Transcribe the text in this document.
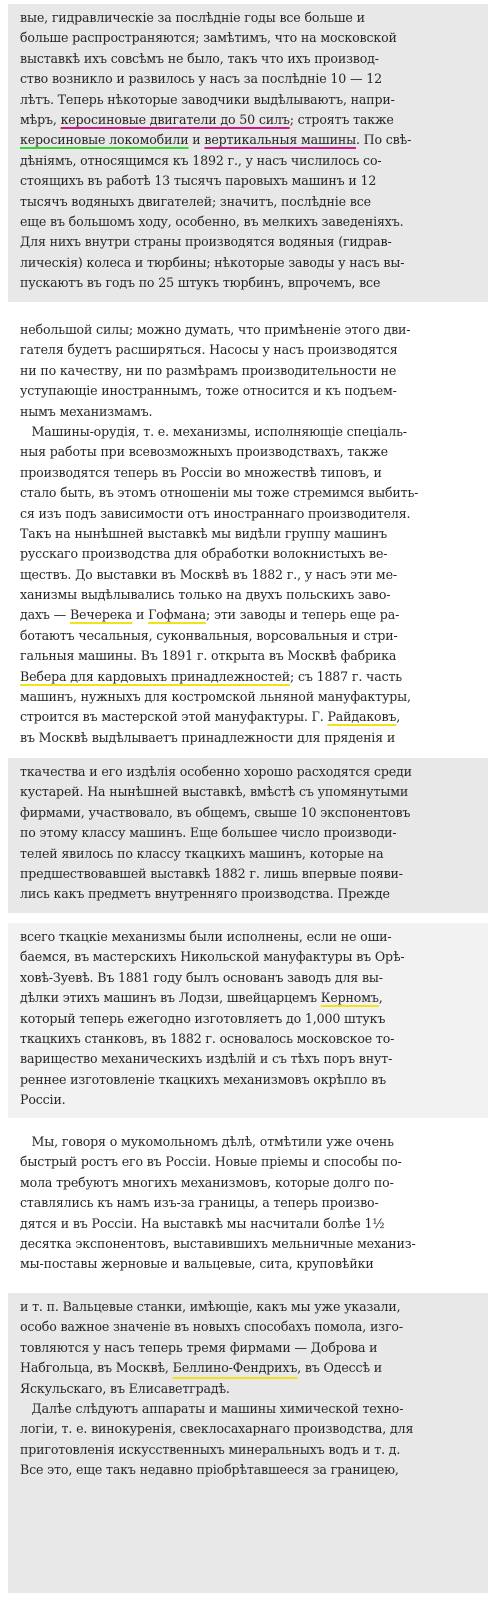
вые, гидравлическіе за послѣдніе годы все больше и
больше распространяются; замѣтимъ, что на московской
выставкѣ ихъ совсѣмъ не было, такъ что ихъ производ-
ство возникло и развилось у насъ за послѣдніе 10 — 12
лѣтъ. Теперь нѣкоторые заводчики выдѣлываютъ, напри-
мѣръ, керосиновые двигатели до 50 силъ; строятъ также
керосиновые локомобили и вертикальныя машины. По свѣ-
дѣніямъ, относящимся къ 1892 г., у насъ числилось со-
стоящихъ въ работѣ 13 тысячъ паровыхъ машинъ и 12
тысячъ водяныхъ двигателей; значитъ, послѣдніе все
еще въ большомъ ходу, особенно, въ мелкихъ заведеніяхъ.
Для нихъ внутри страны производятся водяныя (гидрав-
лическія) колеса и тюрбины; нѣкоторые заводы у насъ вы-
пускаютъ въ годъ по 25 штукъ тюрбинъ, впрочемъ, все
небольшой силы; можно думать, что примѣненіе этого дви-
гателя будетъ расширяться. Насосы у насъ производятся
ни по качеству, ни по размѣрамъ производительности не
уступающіе иностраннымъ, тоже относится и къ подъем-
нымъ механизмамъ.
Машины-орудія, т. е. механизмы, исполняющіе спеціаль-
ныя работы при всевозможныхъ производствахъ, также
производятся теперь въ Россіи во множествѣ типовъ, и
стало быть, въ этомъ отношеніи мы тоже стремимся выбить-
ся изъ подъ зависимости отъ иностраннаго производителя.
Такъ на нынѣшней выставкѣ мы видѣли группу машинъ
русскаго производства для обработки волокнистыхъ ве-
ществъ. До выставки въ Москвѣ въ 1882 г., у насъ эти ме-
ханизмы выдѣлывались только на двухъ польскихъ заво-
дахъ — Вечерека и Гофмана; эти заводы и теперь еще ра-
ботаютъ чесальныя, суконвальныя, ворсовальныя и стри-
гальныя машины. Въ 1891 г. открыта въ Москвѣ фабрика
Вебера для кардовыхъ принадлежностей; съ 1887 г. часть
машинъ, нужныхъ для костромской льняной мануфактуры,
строится въ мастерской этой мануфактуры. Г. Райдаковъ,
въ Москвѣ выдѣлываетъ принадлежности для пряденія и
ткачества и его издѣлія особенно хорошо расходятся среди
кустарей. На нынѣшней выставкѣ, вмѣстѣ съ упомянутыми
фирмами, участвовало, въ общемъ, свыше 10 экспонентовъ
по этому классу машинъ. Еще большее число производи-
телей явилось по классу ткацкихъ машинъ, которые на
предшествовавшей выставкѣ 1882 г. лишь впервые появи-
лись какъ предметъ внутренняго производства. Прежде
всего ткацкіе механизмы были исполнены, если не оши-
баемся, въ мастерскихъ Никольской мануфактуры въ Орѣ-
ховѣ-Зуевѣ. Въ 1881 году былъ основанъ заводъ для вы-
дѣлки этихъ машинъ въ Лодзи, швейцарцемъ Керномъ,
который теперь ежегодно изготовляетъ до 1,000 штукъ
ткацкихъ станковъ, въ 1882 г. основалось московское то-
варищество механическихъ издѣлій и съ тѣхъ поръ внут-
реннее изготовленіе ткацкихъ механизмовъ окрѣпло въ
Россіи.
Мы, говоря о мукомольномъ дѣлѣ, отмѣтили уже очень
быстрый ростъ его въ Россіи. Новые пріемы и способы по-
мола требуютъ многихъ механизмовъ, которые долго по-
ставлялись къ намъ изъ-за границы, а теперь произво-
дятся и въ Россіи. На выставкѣ мы насчитали болѣе 1½
десятка экспонентовъ, выставившихъ мельничные механиз-
мы-поставы жерновые и вальцевые, сита, круповѣйки
и т. п. Вальцевые станки, имѣющіе, какъ мы уже указали,
особо важное значеніе въ новыхъ способахъ помола, изго-
товляются у насъ теперь тремя фирмами — Доброва и
Набгольца, въ Москвѣ, Беллино-Фендрихъ, въ Одессѣ и
Яскульскаго, въ Елисаветградѣ.
Далѣе слѣдуютъ аппараты и машины химической техно-
логіи, т. е. винокуренія, свеклосахарнаго производства, для
приготовленія искусственныхъ минеральныхъ водъ и т. д.
Все это, еще такъ недавно пріобрѣтавшееся за границею,
